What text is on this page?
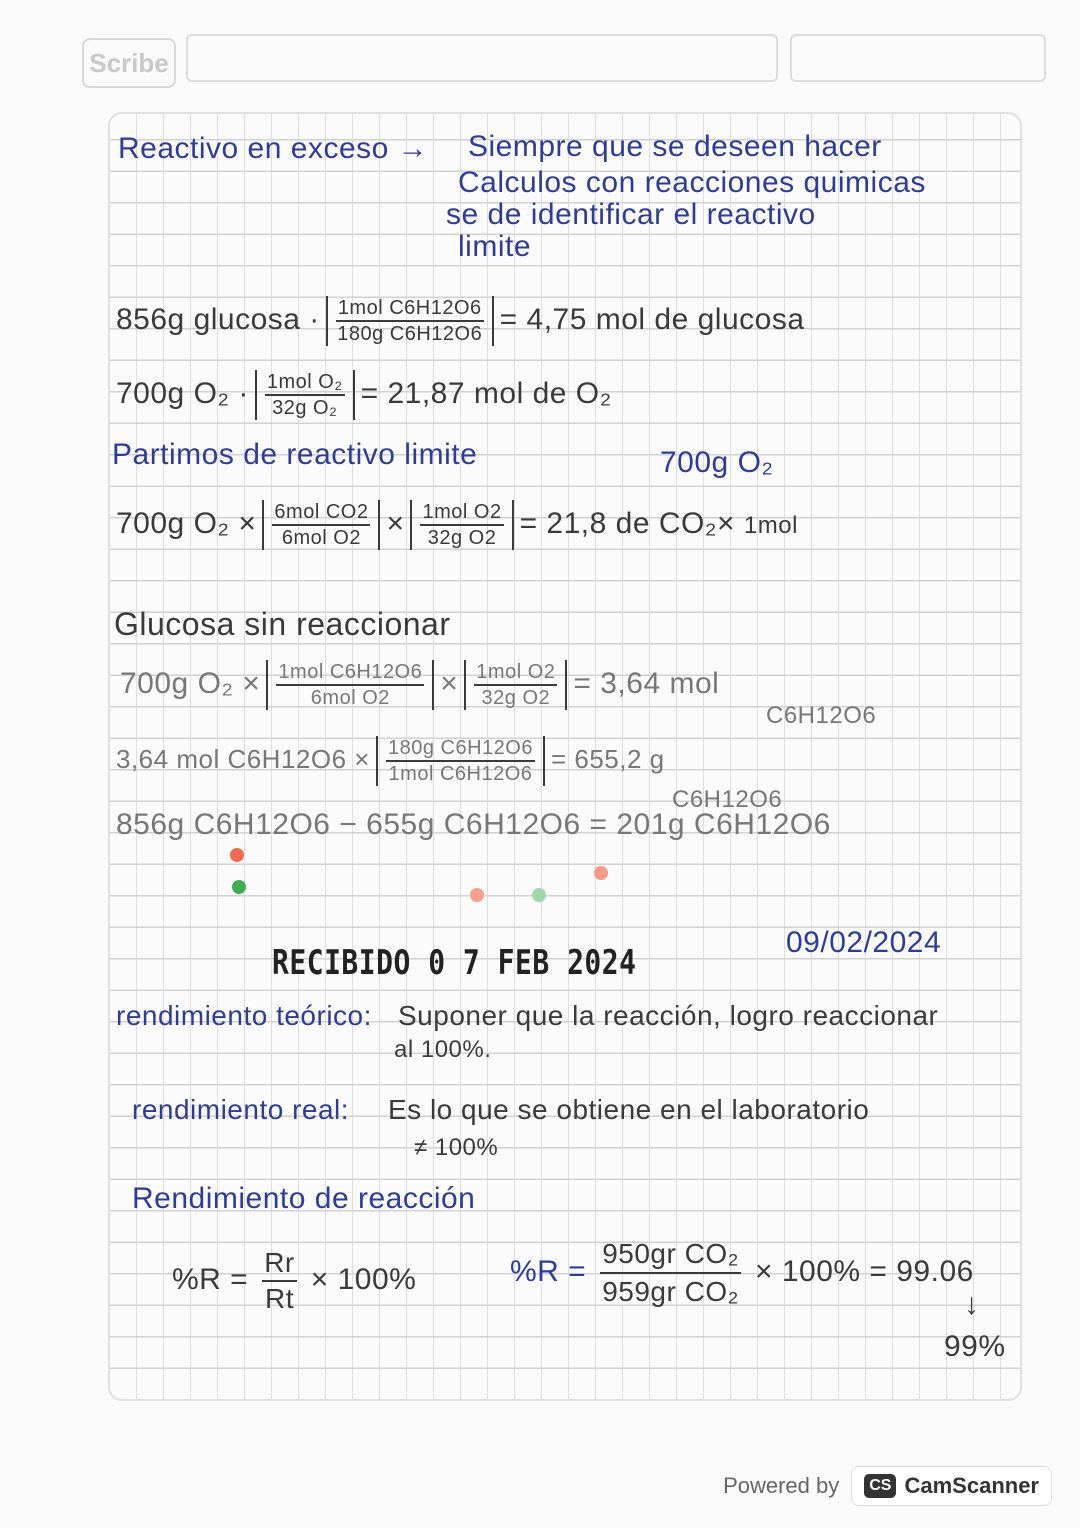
Scribe
Reactivo en exceso → Siempre que se deseen hacer
Calculos con reacciones quimicas
se de identificar el reactivo
limite
856g $glucosa \cdot \frac{\text{1mol C6H12O6}}{\text{180g C6H12O6}} = 4,75$ mol de glucosa
700g $O_2 \cdot \frac{\text{1mol O₂}}{\text{32g O₂}} = 21,87$ mol de O₂
Partimos de reactivo limite	700g O₂
700g $O_2 \times \frac{\text{6mol CO2}}{\text{6mol O2}} \times \frac{\text{1mol O2}}{\text{32g O2}} = 21,8$ de CO₂× 1mol
Glucosa sin reaccionar
700g $O_2 \times \frac{\text{1mol C6H12O6}}{\text{6mol O2}} \times \frac{\text{1mol O2}}{\text{32g O2}} = 3,64$ mol
C6H12O6
3,64 mol $C6H12O6 \times \frac{\text{180g C6H12O6}}{\text{1mol C6H12O6}} = 655,2$ g
C6H12O6
856g C6H12O6 − 655g C6H12O6 = 201g C6H12O6
RECIBIDO 0 7 FEB 2024
09/02/2024
rendimiento teórico: Suponer que la reacción, logro reaccionar
al 100%.
rendimiento real: Es lo que se obtiene en el laboratorio
≠ 100%
Rendimiento de reacción
$\%R = \frac{Rr}{Rt} \times 100\%$	$\%R = \frac{\text{950gr CO₂}}{\text{959gr CO₂}} \times 100\% = 99.06$
↓
99%
Powered by	CS CamScanner
